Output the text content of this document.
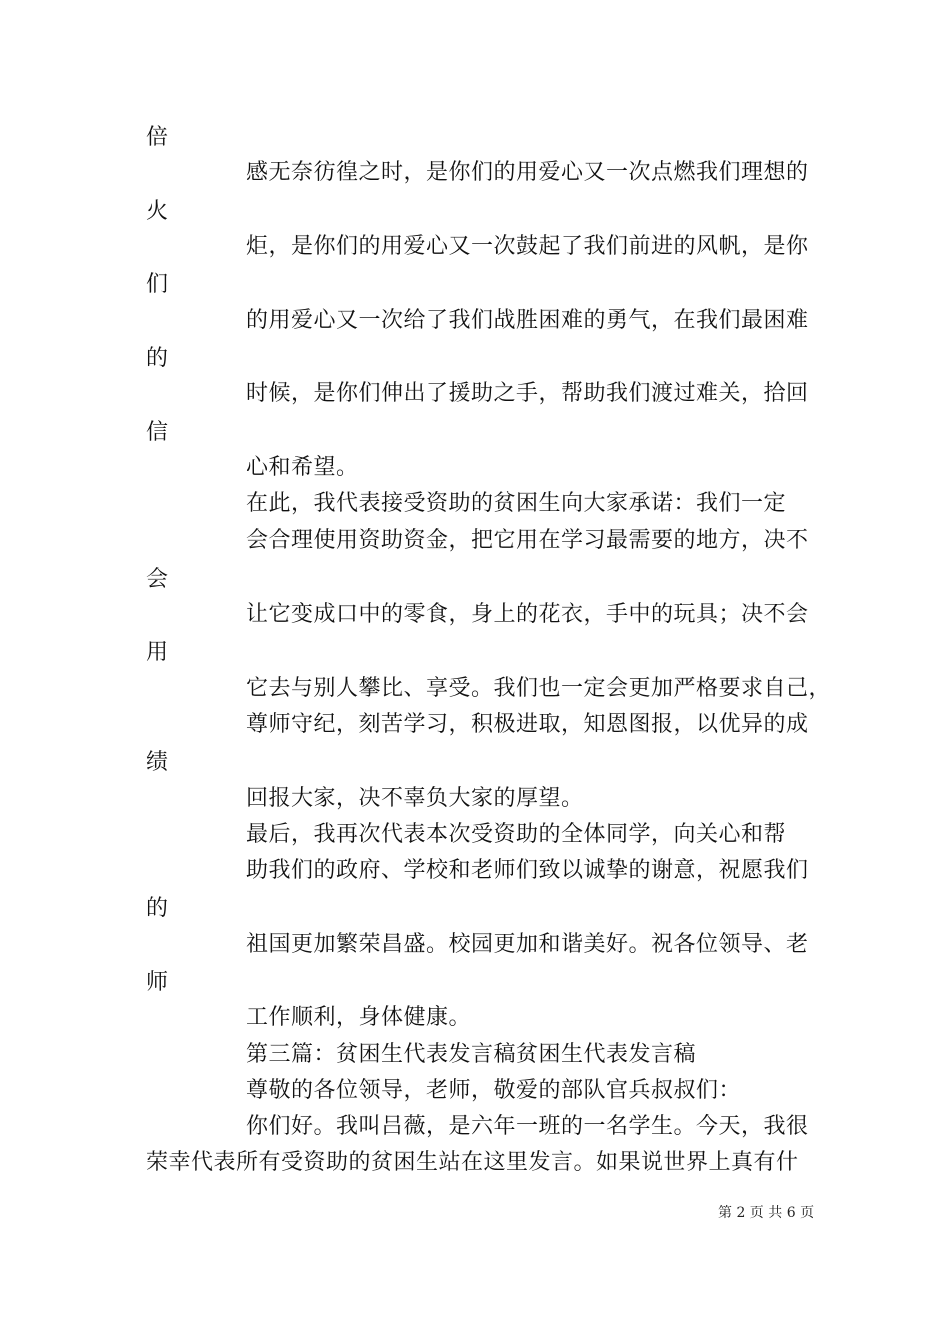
倍
感无奈彷徨之时，是你们的用爱心又一次点燃我们理想的
火
炬，是你们的用爱心又一次鼓起了我们前进的风帆，是你
们
的用爱心又一次给了我们战胜困难的勇气，在我们最困难
的
时候，是你们伸出了援助之手，帮助我们渡过难关，拾回
信
心和希望。
在此，我代表接受资助的贫困生向大家承诺：我们一定
会合理使用资助资金，把它用在学习最需要的地方，决不
会
让它变成口中的零食，身上的花衣，手中的玩具；决不会
用
它去与别人攀比、享受。我们也一定会更加严格要求自己，
尊师守纪，刻苦学习，积极进取，知恩图报，以优异的成
绩
回报大家，决不辜负大家的厚望。
最后，我再次代表本次受资助的全体同学，向关心和帮
助我们的政府、学校和老师们致以诚挚的谢意，祝愿我们
的
祖国更加繁荣昌盛。校园更加和谐美好。祝各位领导、老
师
工作顺利，身体健康。
第三篇：贫困生代表发言稿贫困生代表发言稿
尊敬的各位领导，老师，敬爱的部队官兵叔叔们：
你们好。我叫吕薇，是六年一班的一名学生。今天，我很
荣幸代表所有受资助的贫困生站在这里发言。如果说世界上真有什
第 2 页 共 6 页
